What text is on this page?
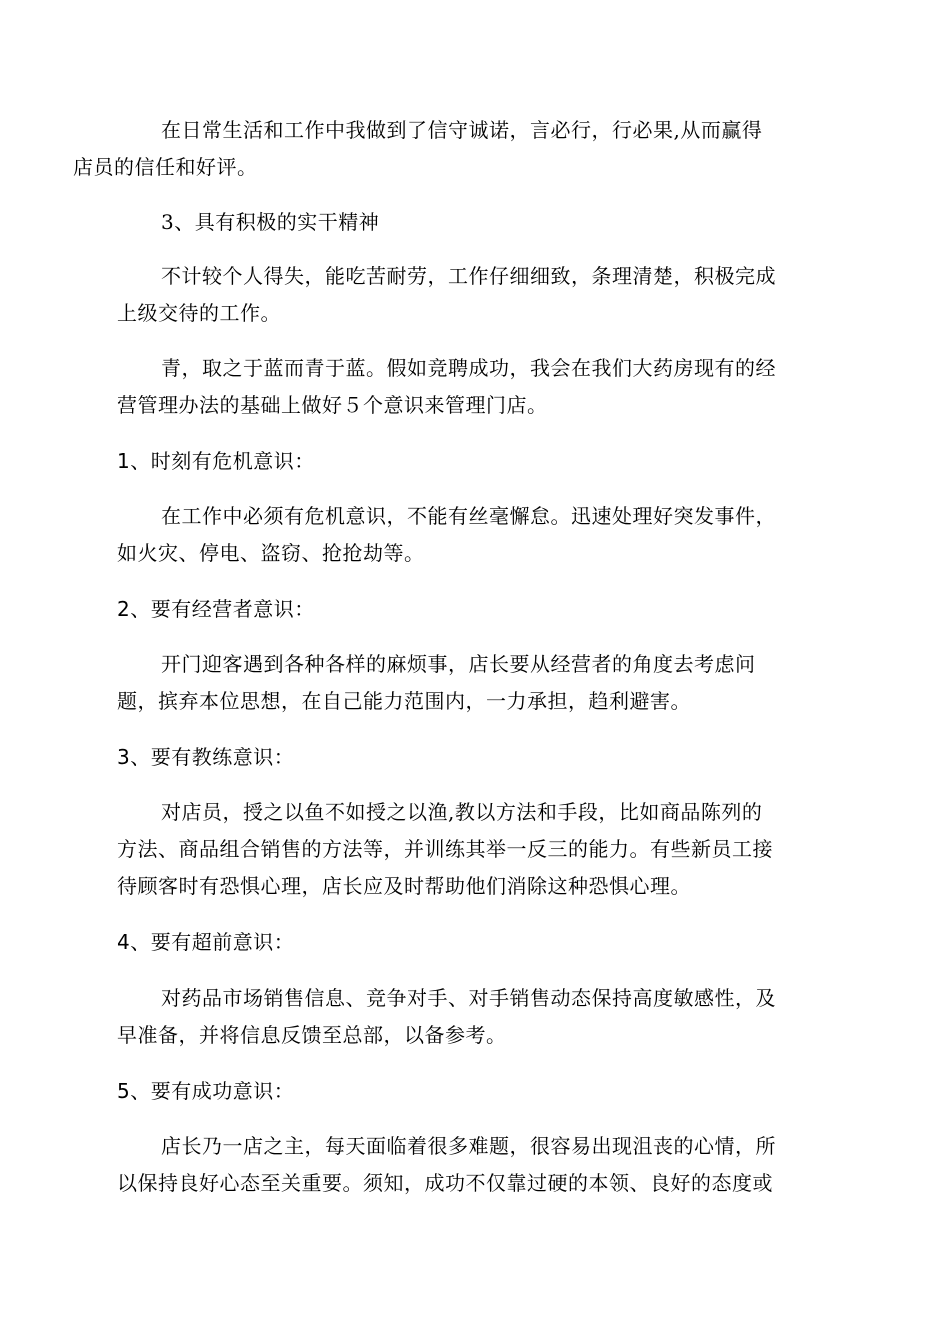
在日常生活和工作中我做到了信守诚诺，言必行，行必果,从而赢得
店员的信任和好评。

3、具有积极的实干精神

不计较个人得失，能吃苦耐劳，工作仔细细致，条理清楚，积极完成
上级交待的工作。

青，取之于蓝而青于蓝。假如竞聘成功，我会在我们大药房现有的经
营管理办法的基础上做好５个意识来管理门店。

1、时刻有危机意识：

在工作中必须有危机意识，不能有丝毫懈怠。迅速处理好突发事件，
如火灾、停电、盗窃、抢抢劫等。

2、要有经营者意识：

开门迎客遇到各种各样的麻烦事，店长要从经营者的角度去考虑问
题，摈弃本位思想，在自己能力范围内，一力承担，趋利避害。

3、要有教练意识：

对店员，授之以鱼不如授之以渔,教以方法和手段，比如商品陈列的
方法、商品组合销售的方法等，并训练其举一反三的能力。有些新员工接
待顾客时有恐惧心理，店长应及时帮助他们消除这种恐惧心理。

4、要有超前意识：

对药品市场销售信息、竞争对手、对手销售动态保持高度敏感性，及
早准备，并将信息反馈至总部，以备参考。

5、要有成功意识：

店长乃一店之主，每天面临着很多难题，很容易出现沮丧的心情，所
以保持良好心态至关重要。须知，成功不仅靠过硬的本领、良好的态度或
